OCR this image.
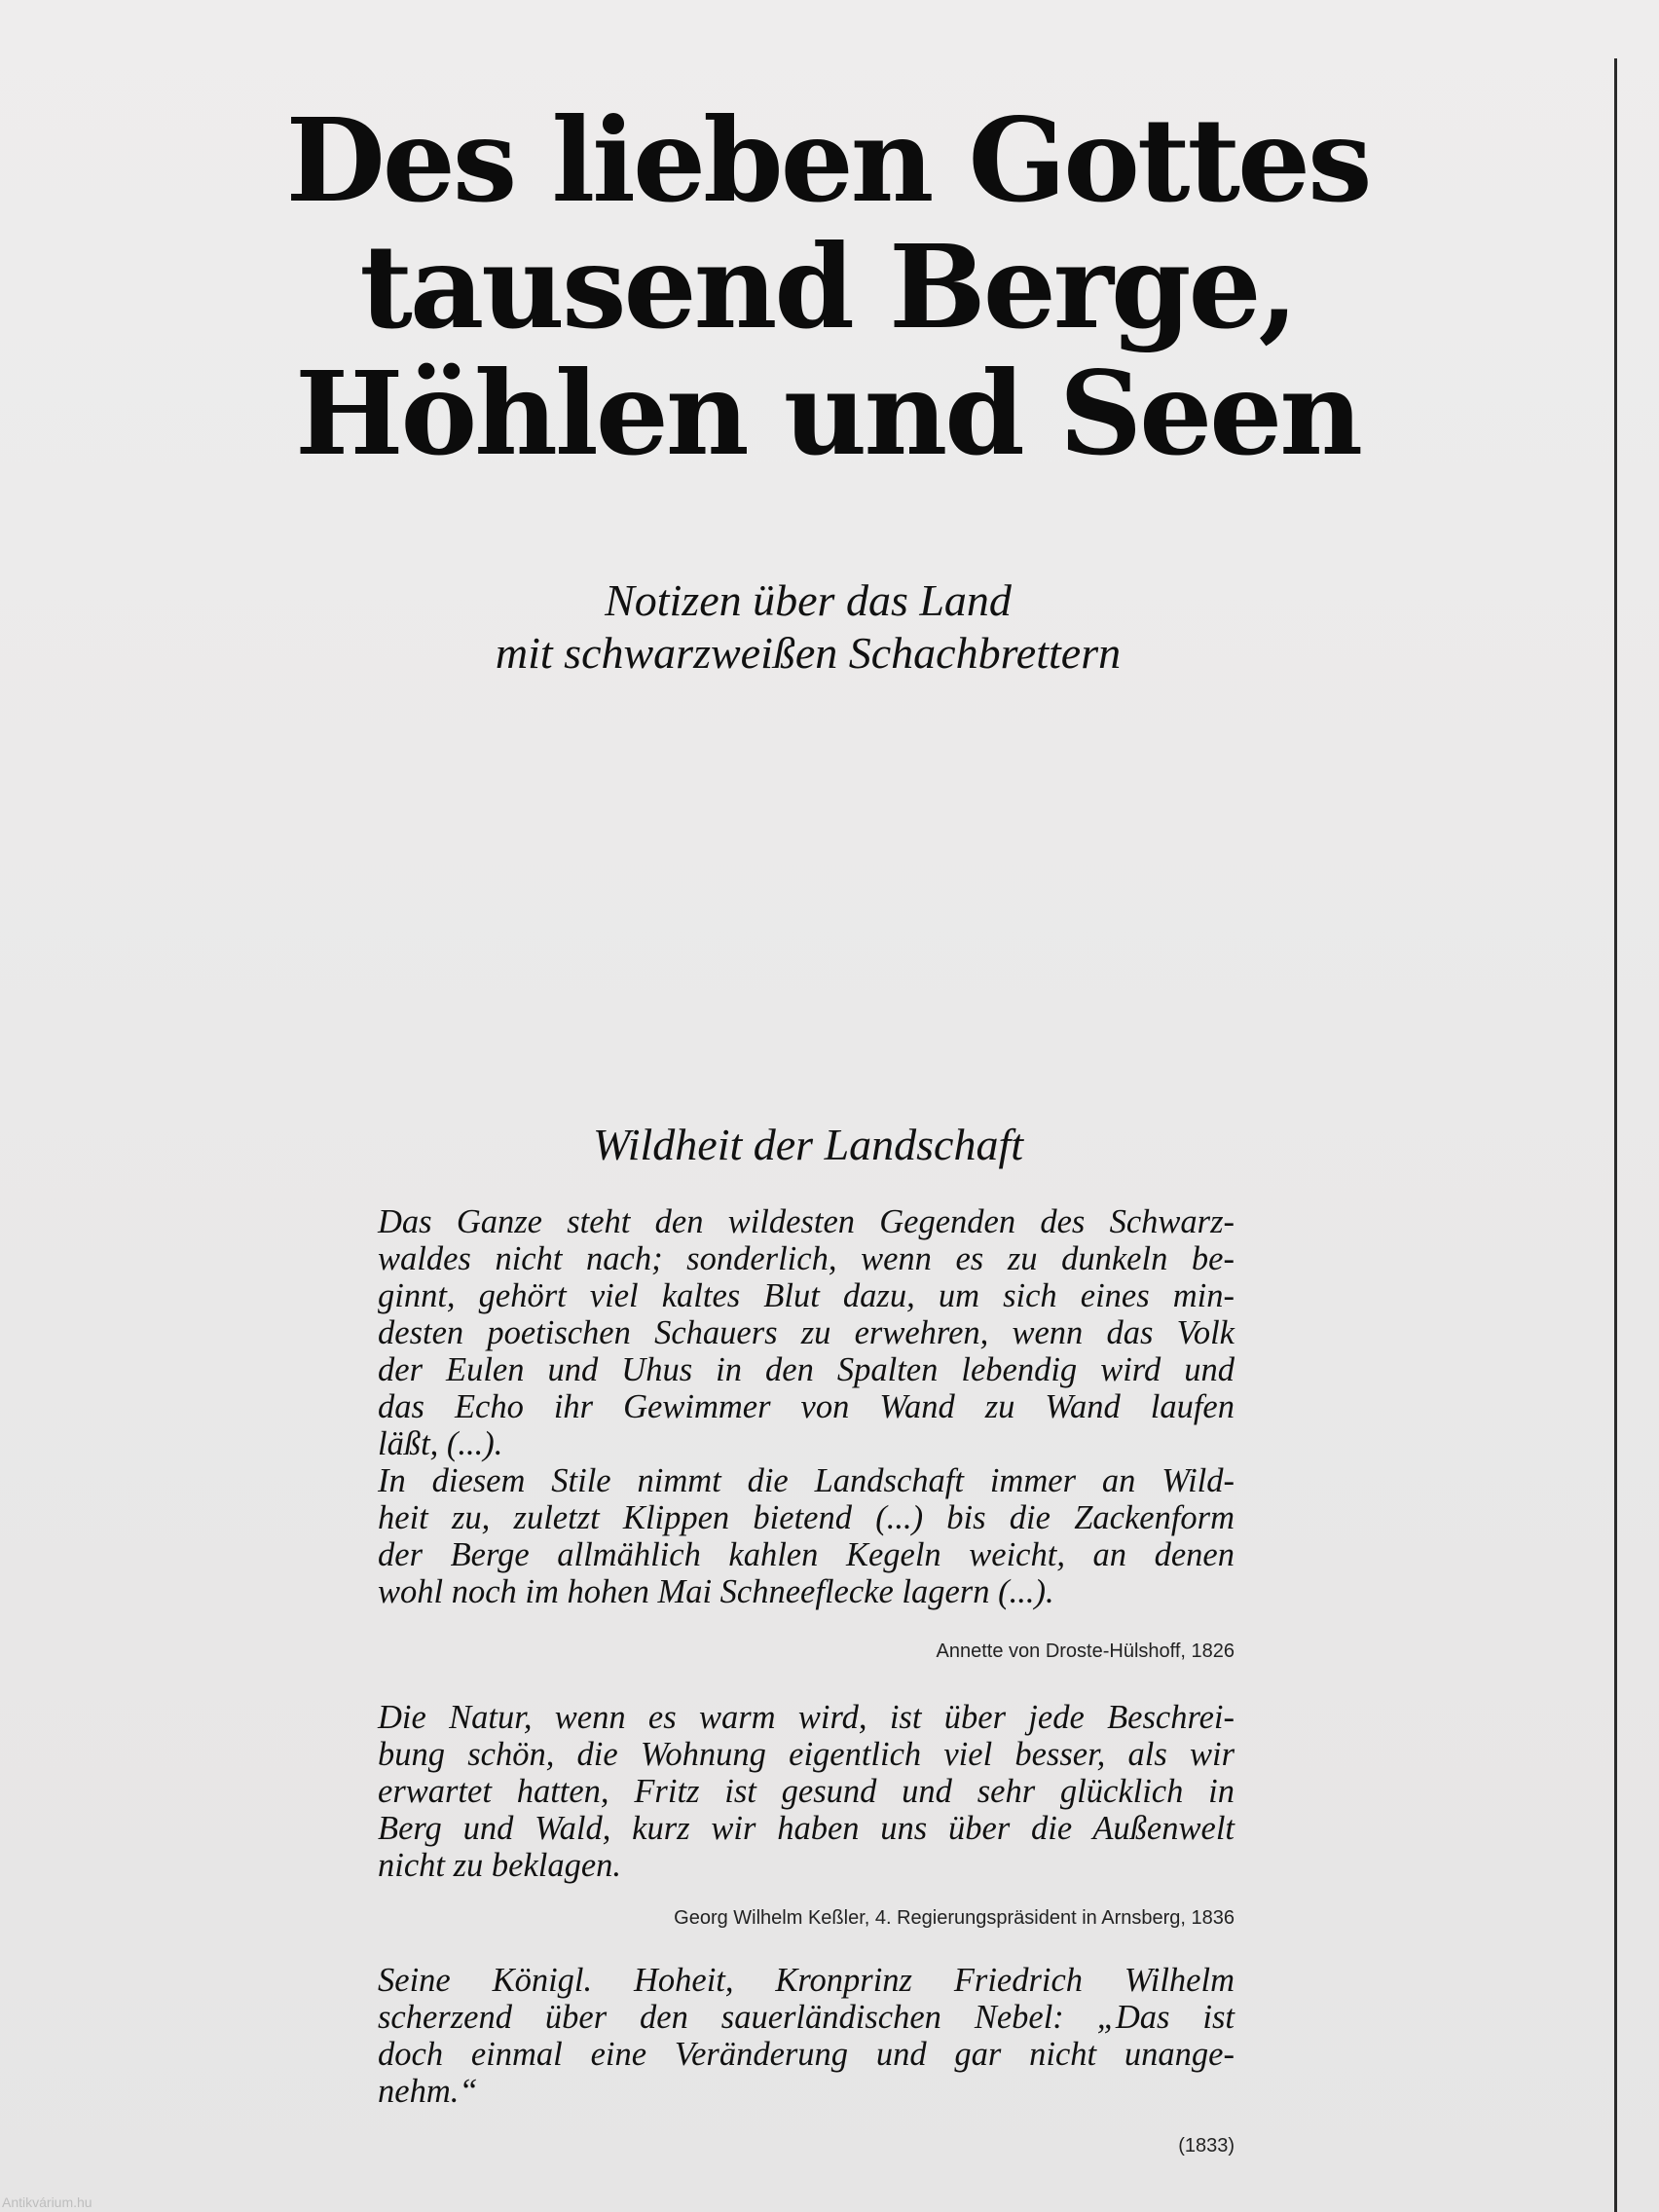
Des lieben Gottes
tausend Berge,
Höhlen und Seen
Notizen über das Land
mit schwarzweißen Schachbrettern
Wildheit der Landschaft
Das Ganze steht den wildesten Gegenden des Schwarz-
waldes nicht nach; sonderlich, wenn es zu dunkeln be-
ginnt, gehört viel kaltes Blut dazu, um sich eines min-
desten poetischen Schauers zu erwehren, wenn das Volk
der Eulen und Uhus in den Spalten lebendig wird und
das Echo ihr Gewimmer von Wand zu Wand laufen
läßt, (...).
In diesem Stile nimmt die Landschaft immer an Wild-
heit zu, zuletzt Klippen bietend (...) bis die Zackenform
der Berge allmählich kahlen Kegeln weicht, an denen
wohl noch im hohen Mai Schneeflecke lagern (...).
Annette von Droste-Hülshoff, 1826
Die Natur, wenn es warm wird, ist über jede Beschrei-
bung schön, die Wohnung eigentlich viel besser, als wir
erwartet hatten, Fritz ist gesund und sehr glücklich in
Berg und Wald, kurz wir haben uns über die Außenwelt
nicht zu beklagen.
Georg Wilhelm Keßler, 4. Regierungspräsident in Arnsberg, 1836
Seine Königl. Hoheit, Kronprinz Friedrich Wilhelm
scherzend über den sauerländischen Nebel: „Das ist
doch einmal eine Veränderung und gar nicht unange-
nehm.“
(1833)
Antikvárium.hu
